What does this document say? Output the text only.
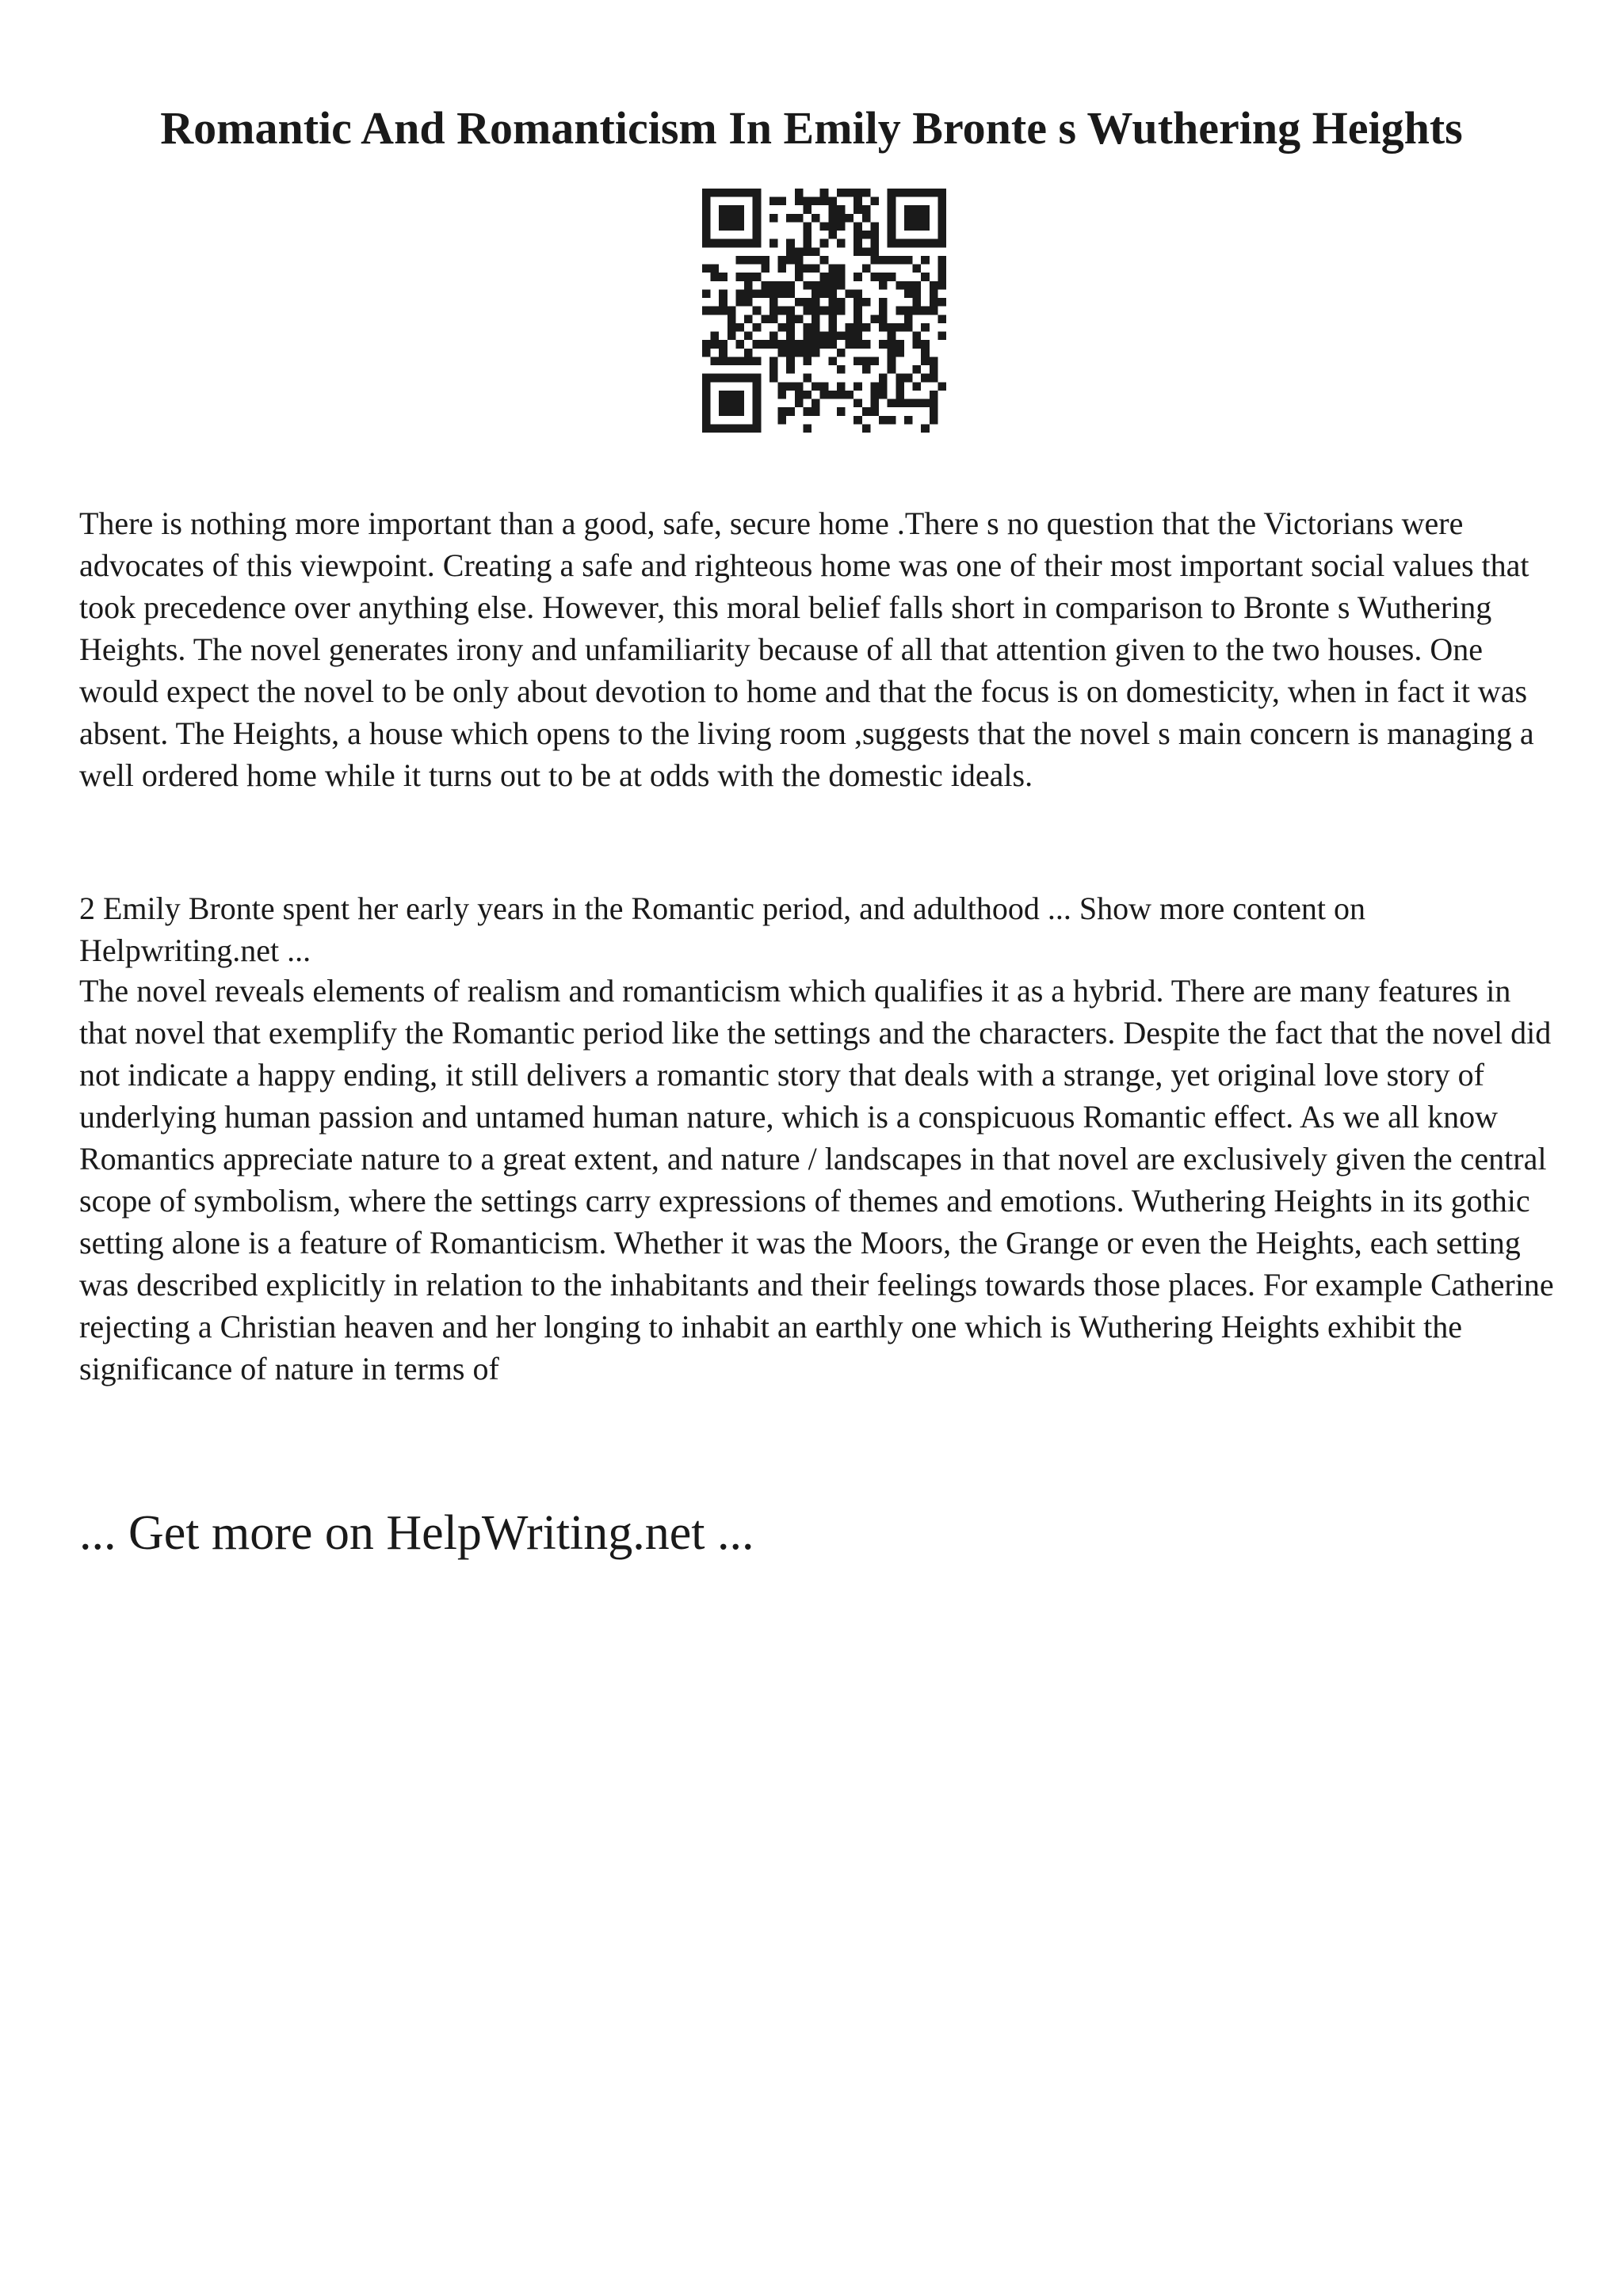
Romantic And Romanticism In Emily Bronte s Wuthering Heights

There is nothing more important than a good, safe, secure home .There s no question that the Victorians were advocates of this viewpoint. Creating a safe and righteous home was one of their most important social values that took precedence over anything else. However, this moral belief falls short in comparison to Bronte s Wuthering Heights. The novel generates irony and unfamiliarity because of all that attention given to the two houses. One would expect the novel to be only about devotion to home and that the focus is on domesticity, when in fact it was absent. The Heights, a house which opens to the living room ,suggests that the novel s main concern is managing a well ordered home while it turns out to be at odds with the domestic ideals.

2 Emily Bronte spent her early years in the Romantic period, and adulthood ... Show more content on Helpwriting.net ...

The novel reveals elements of realism and romanticism which qualifies it as a hybrid. There are many features in that novel that exemplify the Romantic period like the settings and the characters. Despite the fact that the novel did not indicate a happy ending, it still delivers a romantic story that deals with a strange, yet original love story of underlying human passion and untamed human nature, which is a conspicuous Romantic effect. As we all know Romantics appreciate nature to a great extent, and nature / landscapes in that novel are exclusively given the central scope of symbolism, where the settings carry expressions of themes and emotions. Wuthering Heights in its gothic setting alone is a feature of Romanticism. Whether it was the Moors, the Grange or even the Heights, each setting was described explicitly in relation to the inhabitants and their feelings towards those places. For example Catherine rejecting a Christian heaven and her longing to inhabit an earthly one which is Wuthering Heights exhibit the significance of nature in terms of

... Get more on HelpWriting.net ...
